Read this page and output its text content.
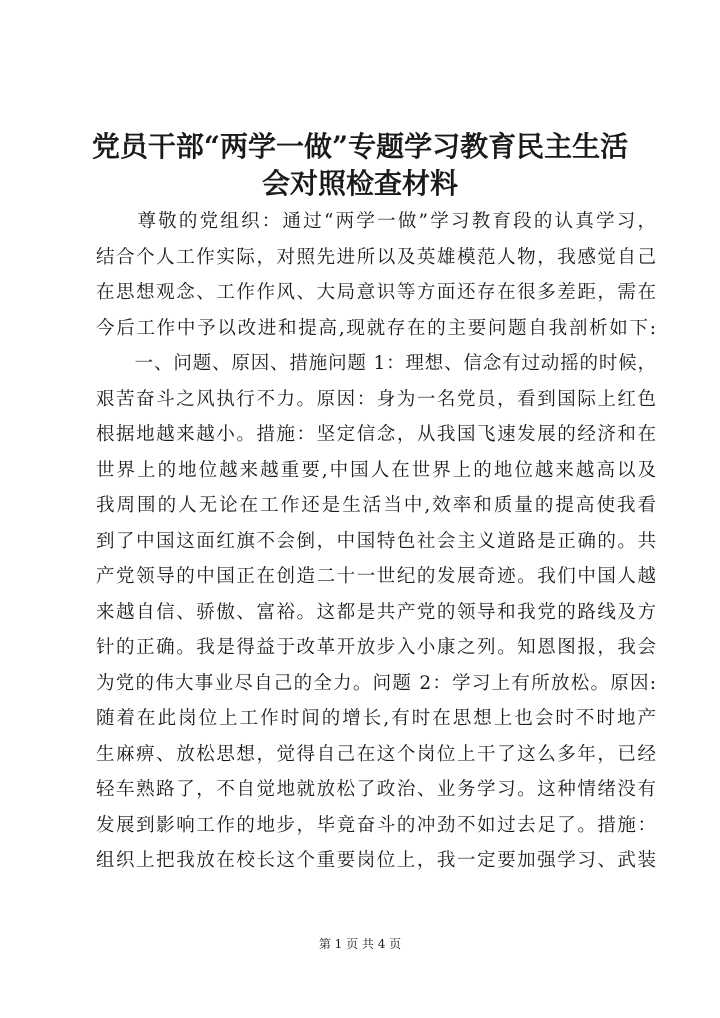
党员干部“两学一做”专题学习教育民主生活
会对照检查材料
　　尊敬的党组织：通过“两学一做”学习教育段的认真学习，
结合个人工作实际，对照先进所以及英雄模范人物，我感觉自己
在思想观念、工作作风、大局意识等方面还存在很多差距，需在
今后工作中予以改进和提高,现就存在的主要问题自我剖析如下:
　　一、问题、原因、措施问题 1：理想、信念有过动摇的时候，
艰苦奋斗之风执行不力。原因：身为一名党员，看到国际上红色
根据地越来越小。措施：坚定信念，从我国飞速发展的经济和在
世界上的地位越来越重要,中国人在世界上的地位越来越高以及
我周围的人无论在工作还是生活当中,效率和质量的提高使我看
到了中国这面红旗不会倒，中国特色社会主义道路是正确的。共
产党领导的中国正在创造二十一世纪的发展奇迹。我们中国人越
来越自信、骄傲、富裕。这都是共产党的领导和我党的路线及方
针的正确。我是得益于改革开放步入小康之列。知恩图报，我会
为党的伟大事业尽自己的全力。问题 2：学习上有所放松。原因:
随着在此岗位上工作时间的增长,有时在思想上也会时不时地产
生麻痹、放松思想，觉得自己在这个岗位上干了这么多年，已经
轻车熟路了，不自觉地就放松了政治、业务学习。这种情绪没有
发展到影响工作的地步，毕竟奋斗的冲劲不如过去足了。措施：
组织上把我放在校长这个重要岗位上，我一定要加强学习、武装
第 1 页 共 4 页
